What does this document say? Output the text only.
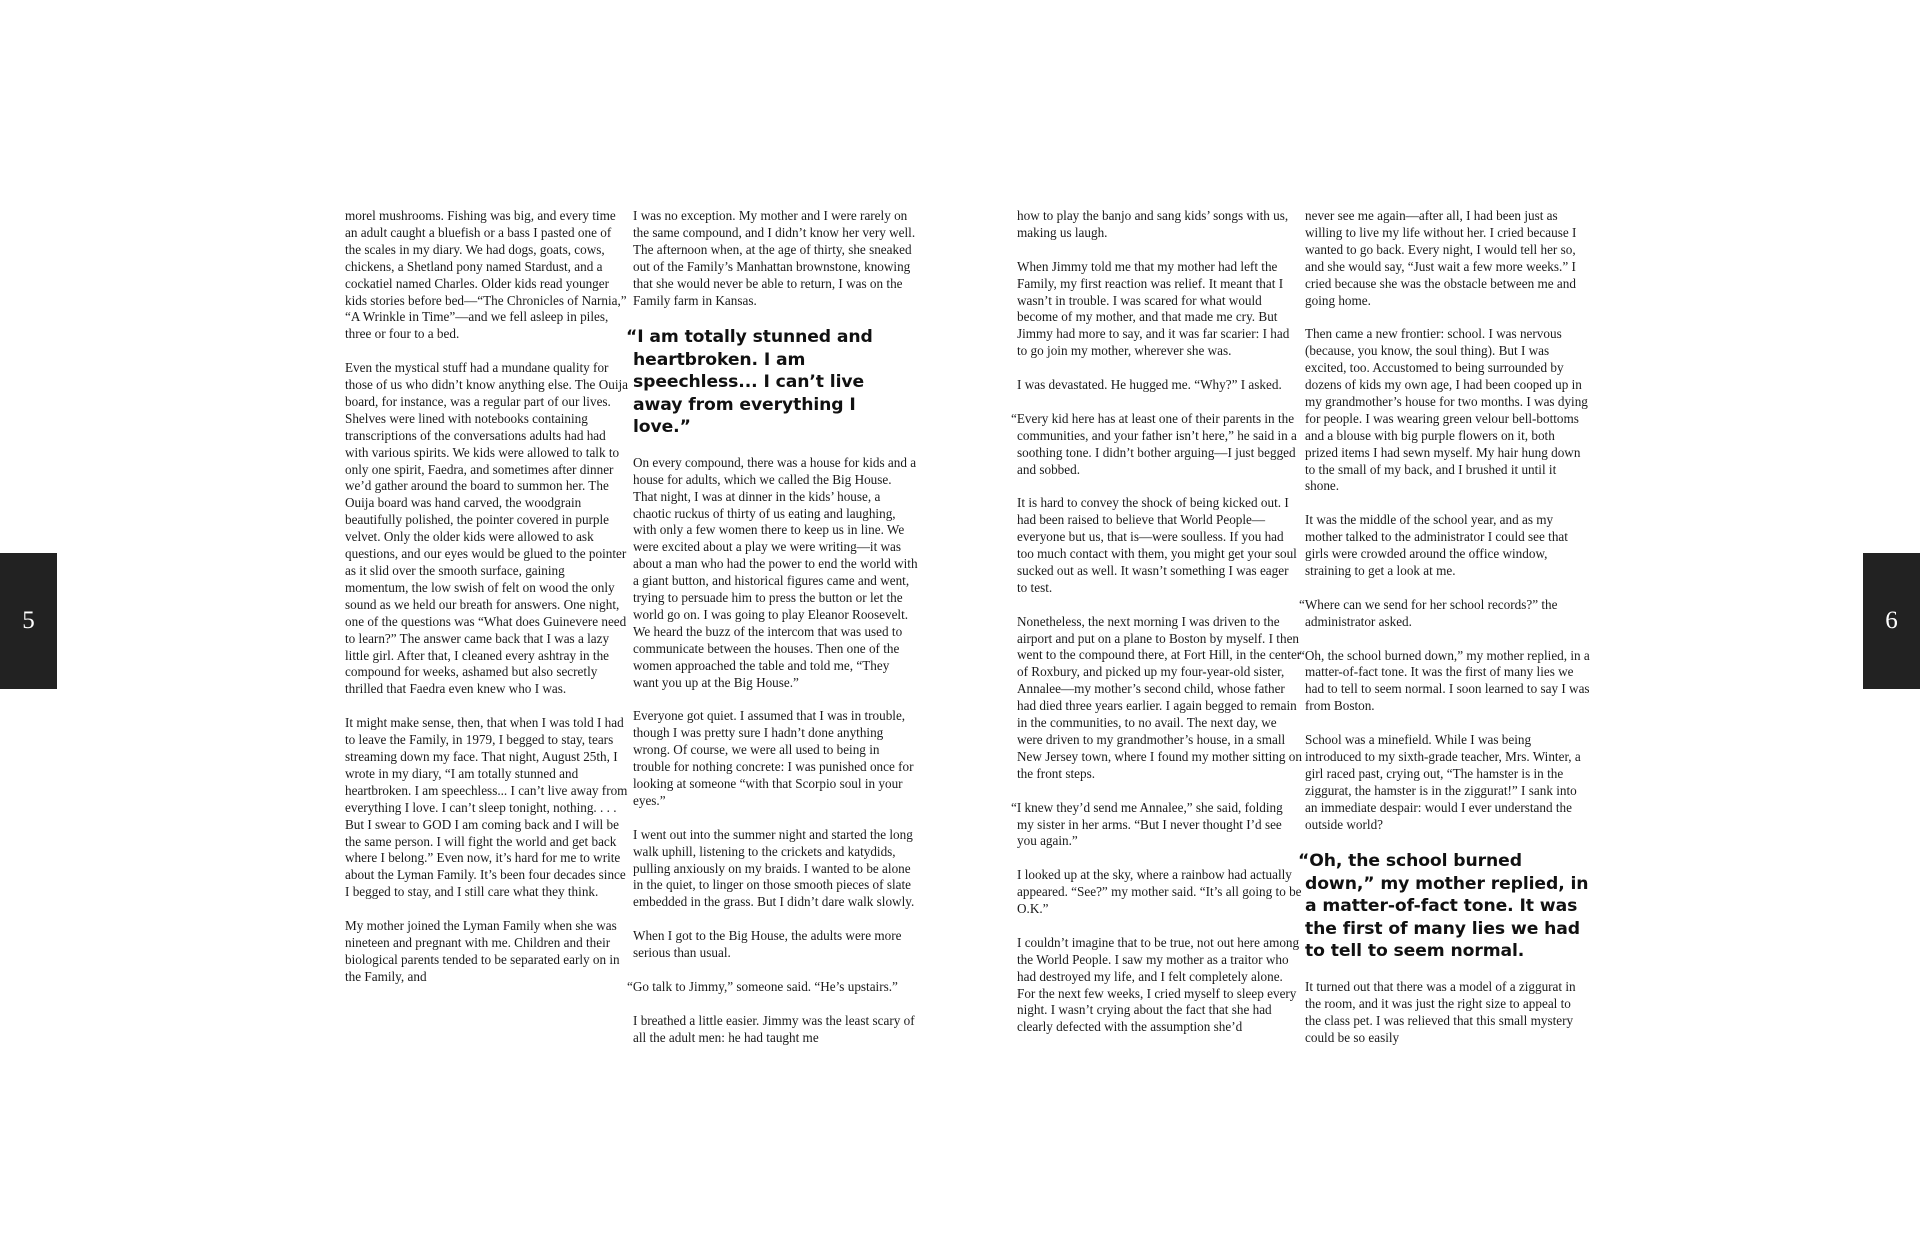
5

morel mushrooms. Fishing was big, and every time an adult caught a bluefish or a bass I pasted one of the scales in my diary. We had dogs, goats, cows, chickens, a Shetland pony named Stardust, and a cockatiel named Charles. Older kids read younger kids stories before bed—“The Chronicles of Narnia,” “A Wrinkle in Time”—and we fell asleep in piles, three or four to a bed.

Even the mystical stuff had a mundane quality for those of us who didn’t know anything else. The Ouija board, for instance, was a regular part of our lives. Shelves were lined with notebooks containing transcriptions of the conversations adults had had with various spirits. We kids were allowed to talk to only one spirit, Faedra, and sometimes after dinner we’d gather around the board to summon her. The Ouija board was hand carved, the woodgrain beautifully polished, the pointer covered in purple velvet. Only the older kids were allowed to ask questions, and our eyes would be glued to the pointer as it slid over the smooth surface, gaining momentum, the low swish of felt on wood the only sound as we held our breath for answers. One night, one of the questions was “What does Guinevere need to learn?” The answer came back that I was a lazy little girl. After that, I cleaned every ashtray in the compound for weeks, ashamed but also secretly thrilled that Faedra even knew who I was.

It might make sense, then, that when I was told I had to leave the Family, in 1979, I begged to stay, tears streaming down my face. That night, August 25th, I wrote in my diary, “I am totally stunned and heartbroken. I am speechless... I can’t live away from everything I love. I can’t sleep tonight, nothing. . . . But I swear to GOD I am coming back and I will be the same person. I will fight the world and get back where I belong.” Even now, it’s hard for me to write about the Lyman Family. It’s been four decades since I begged to stay, and I still care what they think.

My mother joined the Lyman Family when she was nineteen and pregnant with me. Children and their biological parents tended to be separated early on in the Family, and

I was no exception. My mother and I were rarely on the same compound, and I didn’t know her very well. The afternoon when, at the age of thirty, she sneaked out of the Family’s Manhattan brownstone, knowing that she would never be able to return, I was on the Family farm in Kansas.

“I am totally stunned and heartbroken. I am speechless... I can’t live away from everything I love.”

On every compound, there was a house for kids and a house for adults, which we called the Big House. That night, I was at dinner in the kids’ house, a chaotic ruckus of thirty of us eating and laughing, with only a few women there to keep us in line. We were excited about a play we were writing—it was about a man who had the power to end the world with a giant button, and historical figures came and went, trying to persuade him to press the button or let the world go on. I was going to play Eleanor Roosevelt. We heard the buzz of the intercom that was used to communicate between the houses. Then one of the women approached the table and told me, “They want you up at the Big House.”

Everyone got quiet. I assumed that I was in trouble, though I was pretty sure I hadn’t done anything wrong. Of course, we were all used to being in trouble for nothing concrete: I was punished once for looking at someone “with that Scorpio soul in your eyes.”

I went out into the summer night and started the long walk uphill, listening to the crickets and katydids, pulling anxiously on my braids. I wanted to be alone in the quiet, to linger on those smooth pieces of slate embedded in the grass. But I didn’t dare walk slowly.

When I got to the Big House, the adults were more serious than usual.

“Go talk to Jimmy,” someone said. “He’s upstairs.”

I breathed a little easier. Jimmy was the least scary of all the adult men: he had taught me

how to play the banjo and sang kids’ songs with us, making us laugh.

When Jimmy told me that my mother had left the Family, my first reaction was relief. It meant that I wasn’t in trouble. I was scared for what would become of my mother, and that made me cry. But Jimmy had more to say, and it was far scarier: I had to go join my mother, wherever she was.

I was devastated. He hugged me. “Why?” I asked.

“Every kid here has at least one of their parents in the communities, and your father isn’t here,” he said in a soothing tone. I didn’t bother arguing—I just begged and sobbed.

It is hard to convey the shock of being kicked out. I had been raised to believe that World People—everyone but us, that is—were soulless. If you had too much contact with them, you might get your soul sucked out as well. It wasn’t something I was eager to test.

Nonetheless, the next morning I was driven to the airport and put on a plane to Boston by myself. I then went to the compound there, at Fort Hill, in the center of Roxbury, and picked up my four-year-old sister, Annalee—my mother’s second child, whose father had died three years earlier. I again begged to remain in the communities, to no avail. The next day, we were driven to my grandmother’s house, in a small New Jersey town, where I found my mother sitting on the front steps.

“I knew they’d send me Annalee,” she said, folding my sister in her arms. “But I never thought I’d see you again.”

I looked up at the sky, where a rainbow had actually appeared. “See?” my mother said. “It’s all going to be O.K.”

I couldn’t imagine that to be true, not out here among the World People. I saw my mother as a traitor who had destroyed my life, and I felt completely alone. For the next few weeks, I cried myself to sleep every night. I wasn’t crying about the fact that she had clearly defected with the assumption she’d

never see me again—after all, I had been just as willing to live my life without her. I cried because I wanted to go back. Every night, I would tell her so, and she would say, “Just wait a few more weeks.” I cried because she was the obstacle between me and going home.

Then came a new frontier: school. I was nervous (because, you know, the soul thing). But I was excited, too. Accustomed to being surrounded by dozens of kids my own age, I had been cooped up in my grandmother’s house for two months. I was dying for people. I was wearing green velour bell-bottoms and a blouse with big purple flowers on it, both prized items I had sewn myself. My hair hung down to the small of my back, and I brushed it until it shone.

It was the middle of the school year, and as my mother talked to the administrator I could see that girls were crowded around the office window, straining to get a look at me.

“Where can we send for her school records?” the administrator asked.

“Oh, the school burned down,” my mother replied, in a matter-of-fact tone. It was the first of many lies we had to tell to seem normal. I soon learned to say I was from Boston.

School was a minefield. While I was being introduced to my sixth-grade teacher, Mrs. Winter, a girl raced past, crying out, “The hamster is in the ziggurat, the hamster is in the ziggurat!” I sank into an immediate despair: would I ever understand the outside world?

“Oh, the school burned down,” my mother replied, in a matter-of-fact tone. It was the first of many lies we had to tell to seem normal.

It turned out that there was a model of a ziggurat in the room, and it was just the right size to appeal to the class pet. I was relieved that this small mystery could be so easily

6
